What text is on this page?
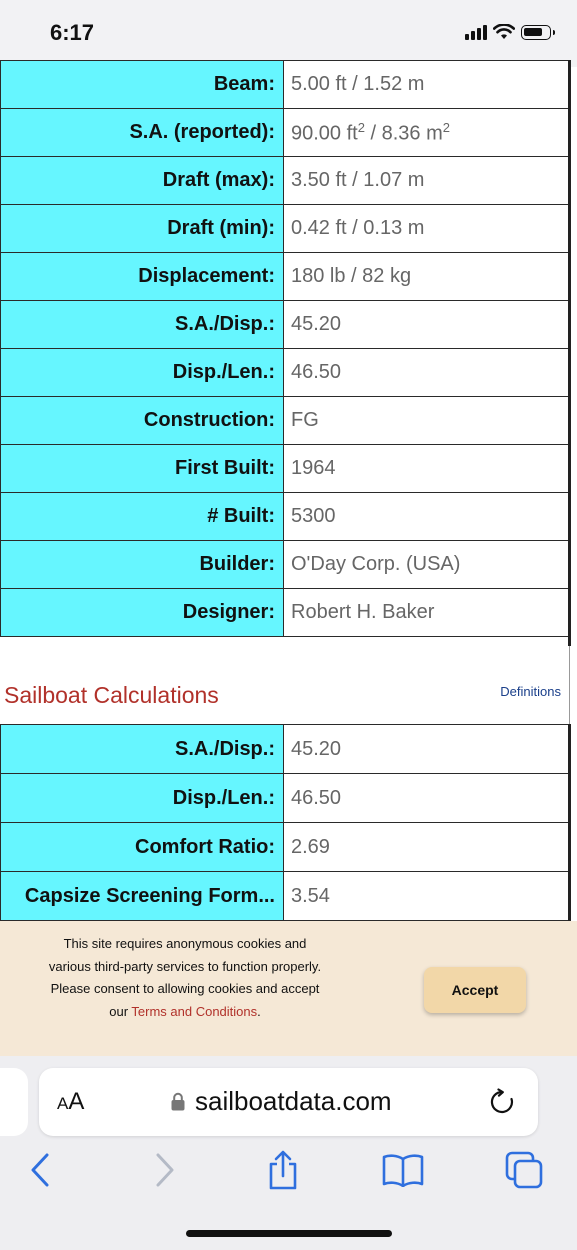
6:17
Beam:	5.00 ft / 1.52 m
S.A. (reported):	90.00 $ft^2 / 8.36$ $m^2$
Draft (max):	3.50 ft / 1.07 m
Draft (min):	0.42 ft / 0.13 m
Displacement:	180 lb / 82 kg
S.A./Disp.:	45.20
Disp./Len.:	46.50
Construction:	FG
First Built:	1964
# Built:	5300
Builder:	O'Day Corp. (USA)
Designer:	Robert H. Baker
Sailboat Calculations	Definitions
S.A./Disp.:	45.20
Disp./Len.:	46.50
Comfort Ratio:	2.69
Capsize Screening Form...	3.54
This site requires anonymous cookies and various third-party services to function properly. Please consent to allowing cookies and accept our Terms and Conditions.
Accept
AA	sailboatdata.com
